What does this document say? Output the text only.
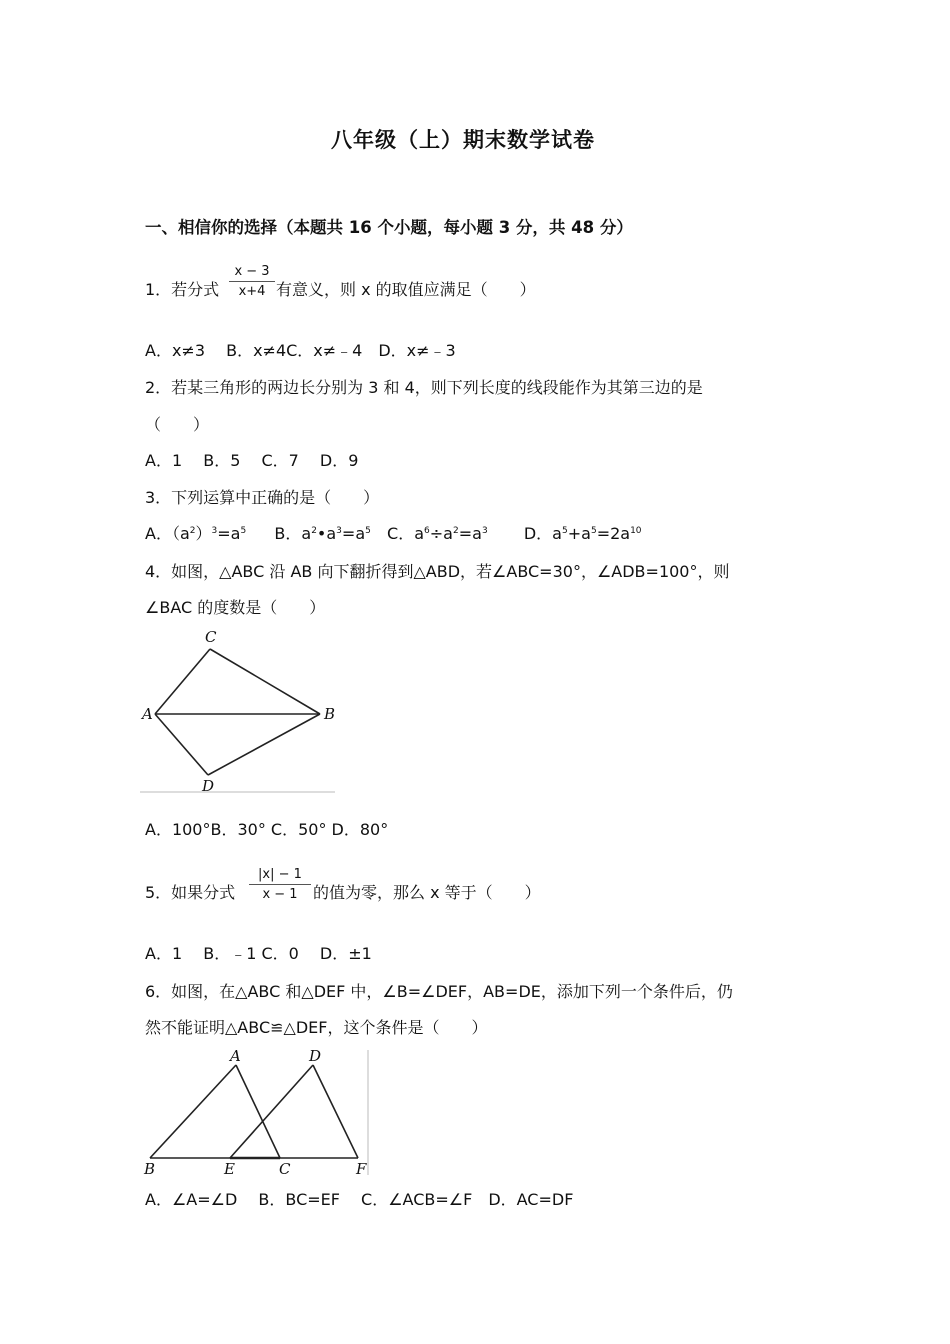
八年级（上）期末数学试卷
一、相信你的选择（本题共 16 个小题，每小题 3 分，共 48 分）
1．若分式
x − 3
x+4 有意义，则 x 的取值应满足（　　）
A．x≠3　 B．x≠4C．x≠﹣4　D．x≠﹣3
2．若某三角形的两边长分别为 3 和 4，则下列长度的线段能作为其第三边的是
（　　）
A．1　 B．5　 C．7　 D．9
3．下列运算中正确的是（　　）
A．$(a^2)^3=a^5$ B．$a^2•a^3=a^5$ C．$a^6\div a^2=a^3$ D．$a^5+a^5=2a^{10}$
4．如图，△ABC 沿 AB 向下翻折得到△ABD，若∠ABC=30°，∠ADB=100°，则
∠BAC 的度数是（　　）
C
A	B
D
A．100°B．30° C．50° D．80°
5．如果分式
|x| − 1
x − 1 的值为零，那么 x 等于（　　）
A．1　 B．﹣1 C．0　 D．±1
6．如图，在△ABC 和△DEF 中，∠B=∠DEF，AB=DE，添加下列一个条件后，仍
然不能证明△ABC≌△DEF，这个条件是（　　）
A	D
B	E	C	F
A．∠A=∠D　 B．BC=EF　 C．∠ACB=∠F　D．AC=DF
